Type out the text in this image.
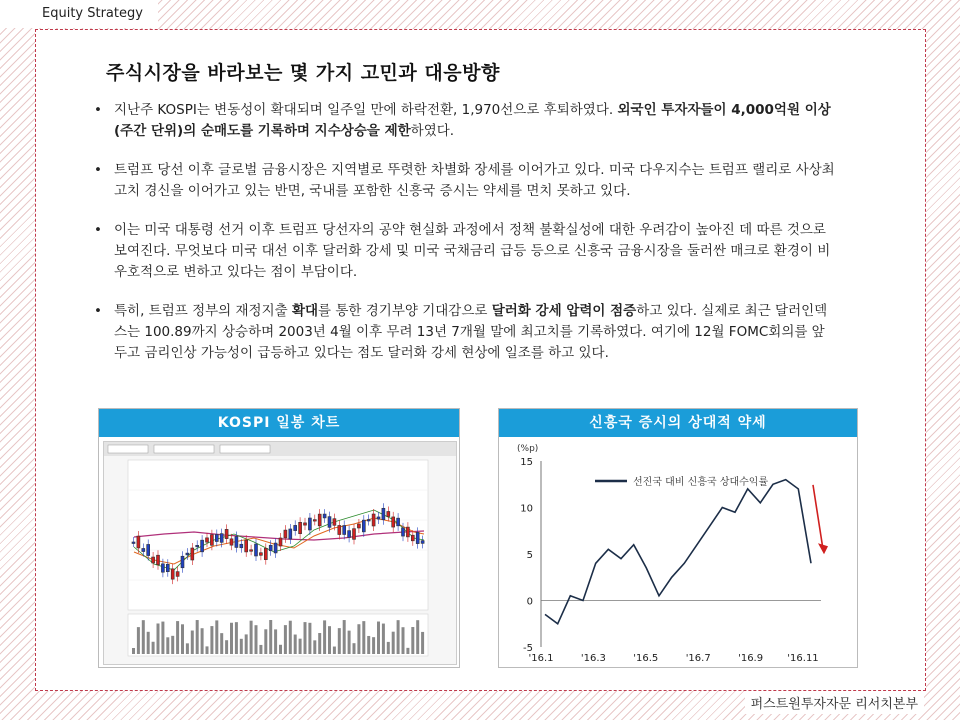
Equity Strategy
주식시장을 바라보는 몇 가지 고민과 대응방향

• 지난주 KOSPI는 변동성이 확대되며 일주일 만에 하락전환, 1,970선으로 후퇴하였다. 외국인 투자자들이 4,000억원 이상(주간 단위)의 순매도를 기록하며 지수상승을 제한하였다.

• 트럼프 당선 이후 글로벌 금융시장은 지역별로 뚜렷한 차별화 장세를 이어가고 있다. 미국 다우지수는 트럼프 랠리로 사상최고치 경신을 이어가고 있는 반면, 국내를 포함한 신흥국 증시는 약세를 면치 못하고 있다.

• 이는 미국 대통령 선거 이후 트럼프 당선자의 공약 현실화 과정에서 정책 불확실성에 대한 우려감이 높아진 데 따른 것으로 보여진다. 무엇보다 미국 대선 이후 달러화 강세 및 미국 국채금리 급등 등으로 신흥국 금융시장을 둘러싼 매크로 환경이 비우호적으로 변하고 있다는 점이 부담이다.

• 특히, 트럼프 정부의 재정지출 확대를 통한 경기부양 기대감으로 달러화 강세 압력이 점증하고 있다. 실제로 최근 달러인덱스는 100.89까지 상승하며 2003년 4월 이후 무려 13년 7개월 말에 최고치를 기록하였다. 여기에 12월 FOMC회의를 앞두고 금리인상 가능성이 급등하고 있다는 점도 달러화 강세 현상에 일조를 하고 있다.

KOSPI 일봉 차트	신흥국 증시의 상대적 약세
(%p)
15
10
5
0
-5
'16.1	'16.3	'16.5	'16.7	'16.9 '16.11
선진국 대비 신흥국 상대수익률
퍼스트원투자자문 리서치본부
